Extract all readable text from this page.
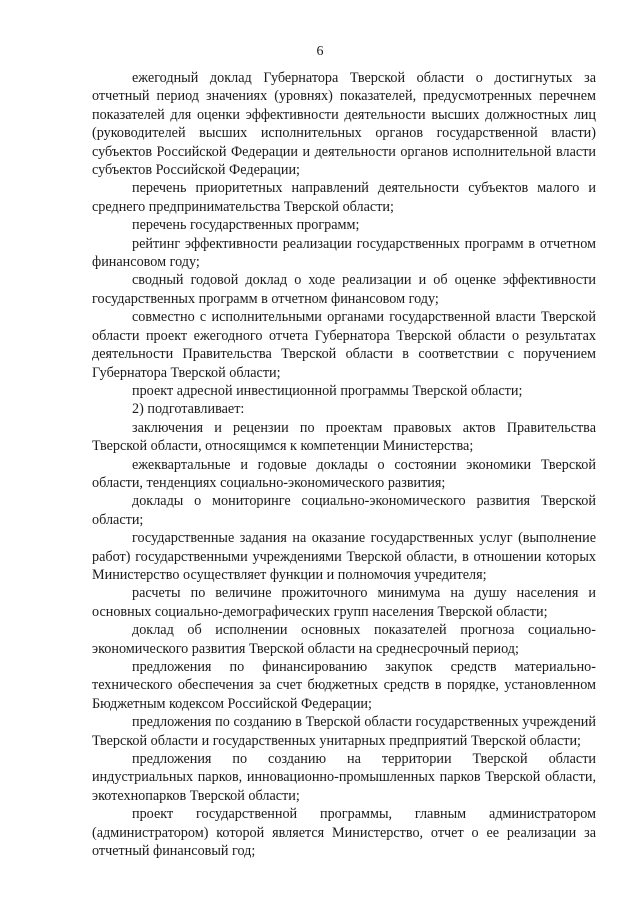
6

ежегодный доклад Губернатора Тверской области о достигнутых за отчетный период значениях (уровнях) показателей, предусмотренных перечнем показателей для оценки эффективности деятельности высших должностных лиц (руководителей высших исполнительных органов государственной власти) субъектов Российской Федерации и деятельности органов исполнительной власти субъектов Российской Федерации;

перечень приоритетных направлений деятельности субъектов малого и среднего предпринимательства Тверской области;

перечень государственных программ;

рейтинг эффективности реализации государственных программ в отчетном финансовом году;

сводный годовой доклад о ходе реализации и об оценке эффективности государственных программ в отчетном финансовом году;

совместно с исполнительными органами государственной власти Тверской области проект ежегодного отчета Губернатора Тверской области о результатах деятельности Правительства Тверской области в соответствии с поручением Губернатора Тверской области;

проект адресной инвестиционной программы Тверской области;

2) подготавливает:

заключения и рецензии по проектам правовых актов Правительства Тверской области, относящимся к компетенции Министерства;

ежеквартальные и годовые доклады о состоянии экономики Тверской области, тенденциях социально-экономического развития;

доклады о мониторинге социально-экономического развития Тверской области;

государственные задания на оказание государственных услуг (выполнение работ) государственными учреждениями Тверской области, в отношении которых Министерство осуществляет функции и полномочия учредителя;

расчеты по величине прожиточного минимума на душу населения и основных социально-демографических групп населения Тверской области;

доклад об исполнении основных показателей прогноза социально-экономического развития Тверской области на среднесрочный период;

предложения по финансированию закупок средств материально-технического обеспечения за счет бюджетных средств в порядке, установленном Бюджетным кодексом Российской Федерации;

предложения по созданию в Тверской области государственных учреждений Тверской области и государственных унитарных предприятий Тверской области;

предложения по созданию на территории Тверской области индустриальных парков, инновационно-промышленных парков Тверской области, экотехнопарков Тверской области;

проект государственной программы, главным администратором (администратором) которой является Министерство, отчет о ее реализации за отчетный финансовый год;
